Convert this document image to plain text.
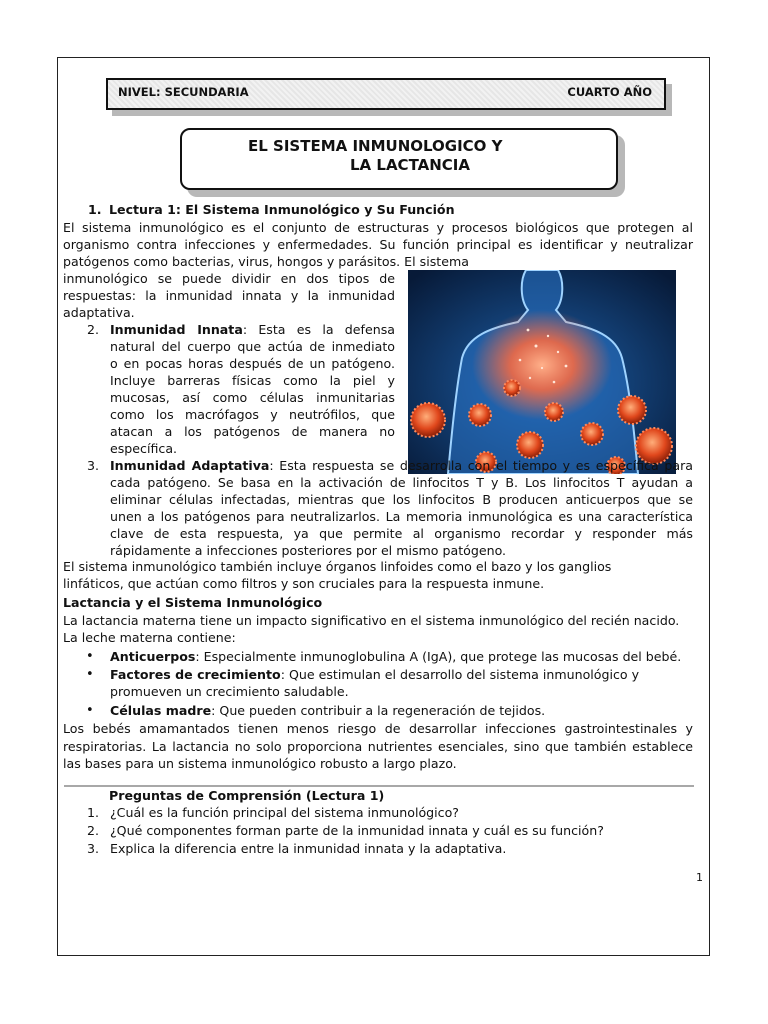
NIVEL: SECUNDARIA	CUARTO AÑO
EL SISTEMA INMUNOLOGICO Y
LA LACTANCIA
1. Lectura 1: El Sistema Inmunológico y Su Función
El sistema inmunológico es el conjunto de estructuras y procesos biológicos que protegen al
organismo contra infecciones y enfermedades. Su función principal es identificar y neutralizar
patógenos como bacterias, virus, hongos y parásitos. El sistema
inmunológico se puede dividir en dos tipos de
respuestas: la inmunidad innata y la inmunidad
adaptativa.
2. Inmunidad Innata: Esta es la defensa
natural del cuerpo que actúa de inmediato
o en pocas horas después de un patógeno.
Incluye barreras físicas como la piel y
mucosas, así como células inmunitarias
como los macrófagos y neutrófilos, que
atacan a los patógenos de manera no
específica.
3. Inmunidad Adaptativa: Esta respuesta se desarrolla con el tiempo y es específica para
cada patógeno. Se basa en la activación de linfocitos T y B. Los linfocitos T ayudan a
eliminar células infectadas, mientras que los linfocitos B producen anticuerpos que se
unen a los patógenos para neutralizarlos. La memoria inmunológica es una característica
clave de esta respuesta, ya que permite al organismo recordar y responder más
rápidamente a infecciones posteriores por el mismo patógeno.
El sistema inmunológico también incluye órganos linfoides como el bazo y los ganglios
linfáticos, que actúan como filtros y son cruciales para la respuesta inmune.
Lactancia y el Sistema Inmunológico
La lactancia materna tiene un impacto significativo en el sistema inmunológico del recién nacido.
La leche materna contiene:
• Anticuerpos: Especialmente inmunoglobulina A (IgA), que protege las mucosas del bebé.
• Factores de crecimiento: Que estimulan el desarrollo del sistema inmunológico y
promueven un crecimiento saludable.
• Células madre: Que pueden contribuir a la regeneración de tejidos.
Los bebés amamantados tienen menos riesgo de desarrollar infecciones gastrointestinales y
respiratorias. La lactancia no solo proporciona nutrientes esenciales, sino que también establece
las bases para un sistema inmunológico robusto a largo plazo.
Preguntas de Comprensión (Lectura 1)
1. ¿Cuál es la función principal del sistema inmunológico?
2. ¿Qué componentes forman parte de la inmunidad innata y cuál es su función?
3. Explica la diferencia entre la inmunidad innata y la adaptativa.
1
